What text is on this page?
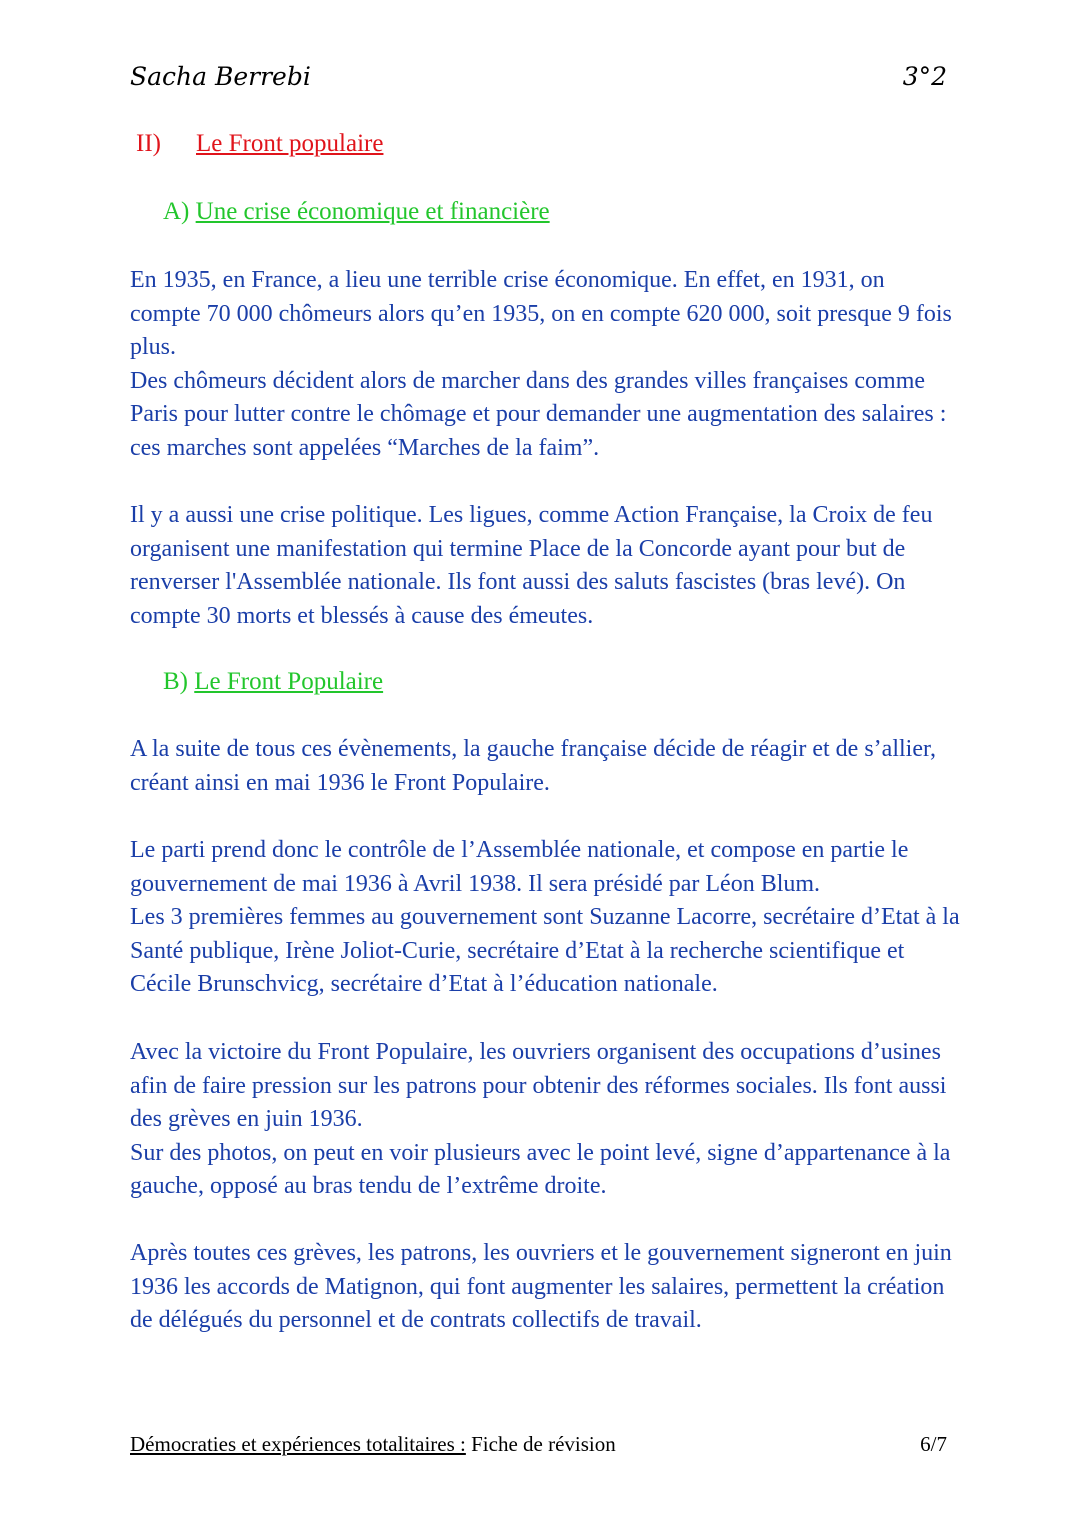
Sacha Berrebi	3°2
II) Le Front populaire
A) Une crise économique et financière

En 1935, en France, a lieu une terrible crise économique. En effet, en 1931, on compte 70 000 chômeurs alors qu’en 1935, on en compte 620 000, soit presque 9 fois plus.

Des chômeurs décident alors de marcher dans des grandes villes françaises comme Paris pour lutter contre le chômage et pour demander une augmentation des salaires : ces marches sont appelées “Marches de la faim”.

Il y a aussi une crise politique. Les ligues, comme Action Française, la Croix de feu organisent une manifestation qui termine Place de la Concorde ayant pour but de renverser l'Assemblée nationale. Ils font aussi des saluts fascistes (bras levé). On compte 30 morts et blessés à cause des émeutes.

B) Le Front Populaire

A la suite de tous ces évènements, la gauche française décide de réagir et de s’allier, créant ainsi en mai 1936 le Front Populaire.

Le parti prend donc le contrôle de l’Assemblée nationale, et compose en partie le gouvernement de mai 1936 à Avril 1938. Il sera présidé par Léon Blum.

Les 3 premières femmes au gouvernement sont Suzanne Lacorre, secrétaire d’Etat à la Santé publique, Irène Joliot-Curie, secrétaire d’Etat à la recherche scientifique et Cécile Brunschvicg, secrétaire d’Etat à l’éducation nationale.

Avec la victoire du Front Populaire, les ouvriers organisent des occupations d’usines afin de faire pression sur les patrons pour obtenir des réformes sociales. Ils font aussi des grèves en juin 1936.

Sur des photos, on peut en voir plusieurs avec le point levé, signe d’appartenance à la gauche, opposé au bras tendu de l’extrême droite.

Après toutes ces grèves, les patrons, les ouvriers et le gouvernement signeront en juin 1936 les accords de Matignon, qui font augmenter les salaires, permettent la création de délégués du personnel et de contrats collectifs de travail.

Démocraties et expériences totalitaires : Fiche de révision	6/7
